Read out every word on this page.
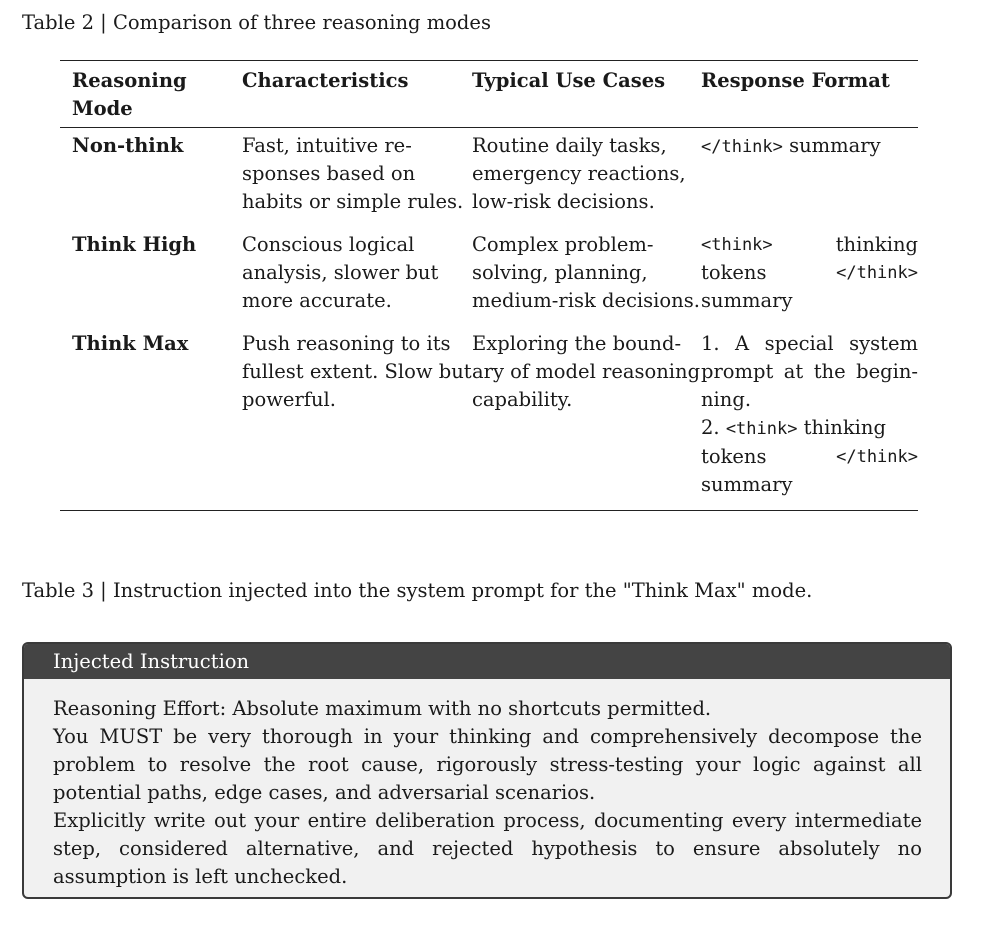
Table 2 | Comparison of three reasoning modes
Reasoning Mode	Characteristics	Typical Use Cases	Response Format
Non-think	Fast, intuitive responses based on habits or simple rules.	Routine daily tasks, emergency reactions, low-risk decisions.	</think> summary
Think High	Conscious logical analysis, slower but more accurate.	Complex problemsolving, planning, medium-risk decisions.	<think> thinking
tokens </think>
summary

Think Max	Push reasoning to its fullest extent. Slow but powerful.	Exploring the boundary of model reasoning capability.	1. A special system prompt at the beginning.
2. <think> thinking
tokens </think>
summary
Table 3 | Instruction injected into the system prompt for the "Think Max" mode.
Injected Instruction

Reasoning Effort: Absolute maximum with no shortcuts permitted.

You MUST be very thorough in your thinking and comprehensively decompose the problem to resolve the root cause, rigorously stress-testing your logic against all potential paths, edge cases, and adversarial scenarios.

Explicitly write out your entire deliberation process, documenting every intermediate step, considered alternative, and rejected hypothesis to ensure absolutely no assumption is left unchecked.
